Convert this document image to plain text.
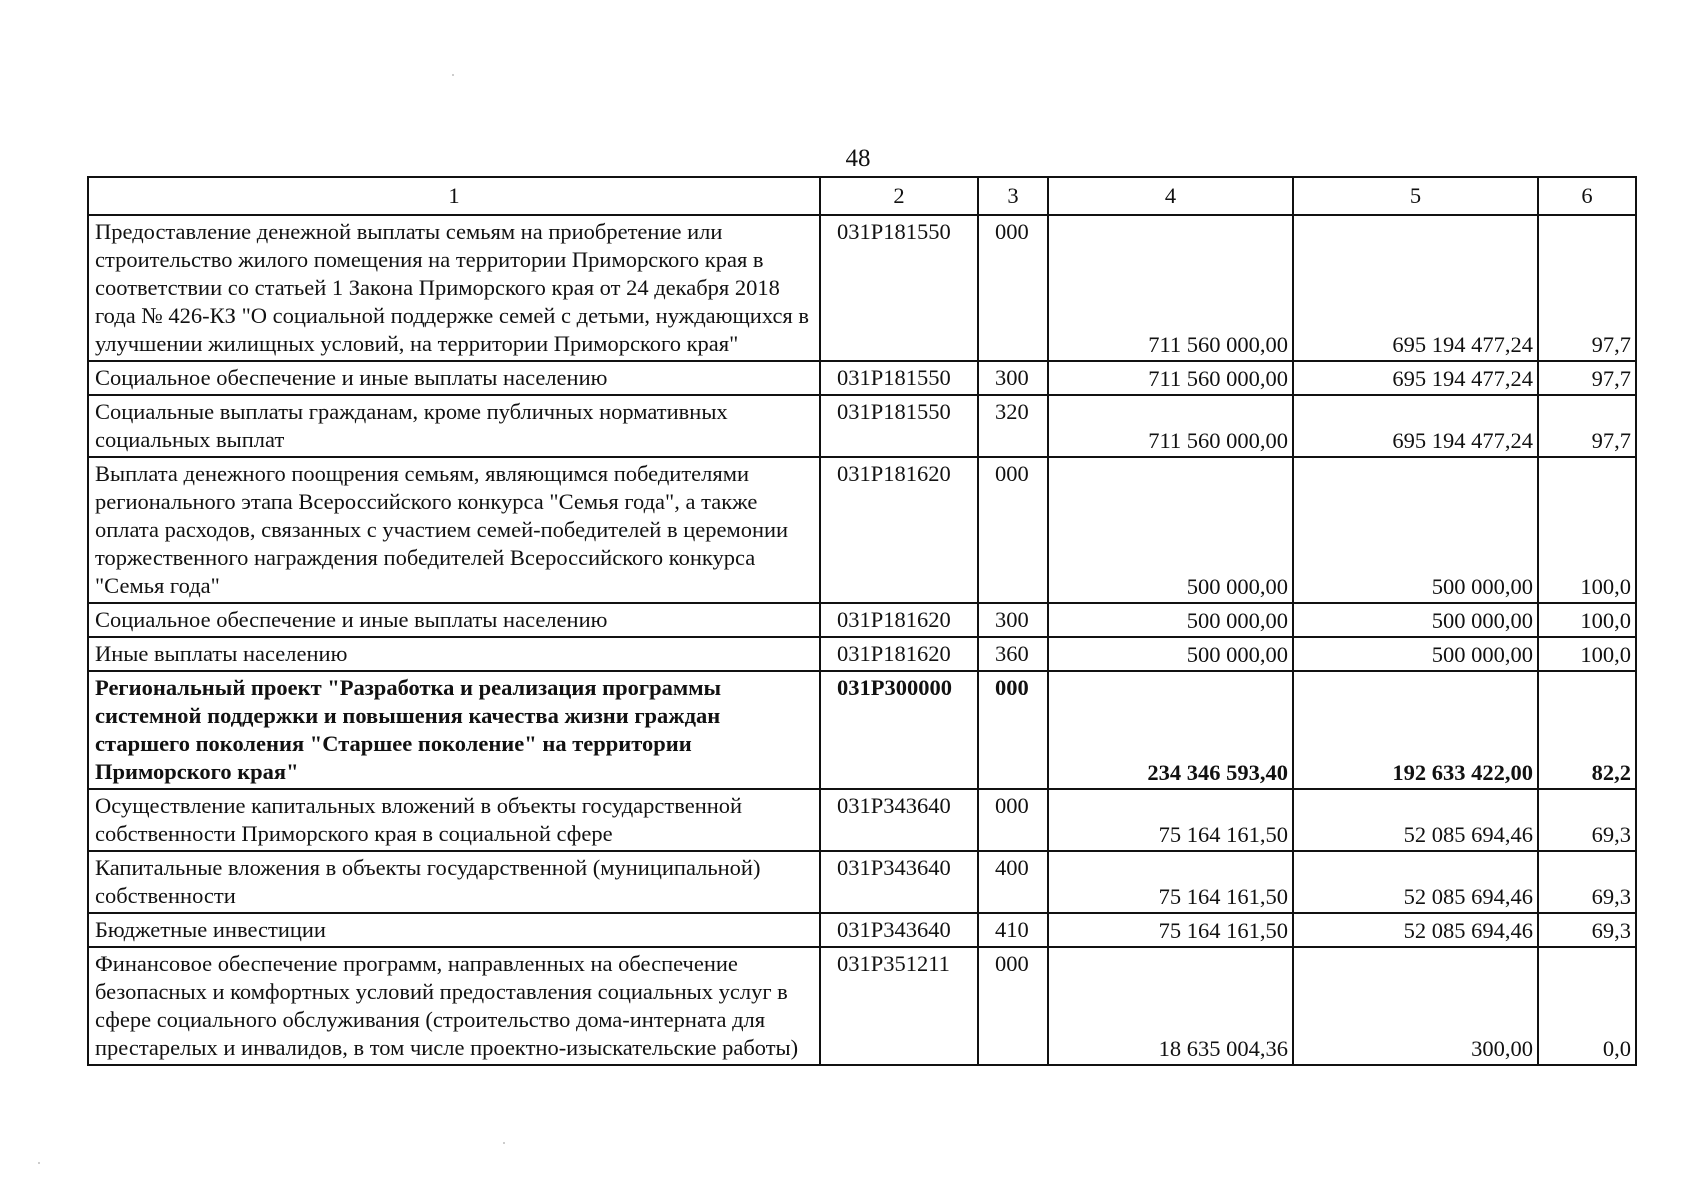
48
1	2	3	4	5	6
Предоставление денежной выплаты семьям на приобретение или строительство жилого помещения на территории Приморского края в соответствии со статьей 1 Закона Приморского края от 24 декабря 2018 года № 426-КЗ "О социальной поддержке семей с детьми, нуждающихся в улучшении жилищных условий, на территории Приморского края"	031P181550	000	711 560 000,00	695 194 477,24	97,7
Социальное обеспечение и иные выплаты населению	031P181550	300	711 560 000,00	695 194 477,24	97,7
Социальные выплаты гражданам, кроме публичных нормативных социальных выплат	031P181550	320	711 560 000,00	695 194 477,24	97,7
Выплата денежного поощрения семьям, являющимся победителями регионального этапа Всероссийского конкурса "Семья года", а также оплата расходов, связанных с участием семей-победителей в церемонии торжественного награждения победителей Всероссийского конкурса "Семья года"	031P181620	000	500 000,00	500 000,00	100,0
Социальное обеспечение и иные выплаты населению	031P181620	300	500 000,00	500 000,00	100,0
Иные выплаты населению	031P181620	360	500 000,00	500 000,00	100,0
Региональный проект "Разработка и реализация программы системной поддержки и повышения качества жизни граждан старшего поколения "Старшее поколение" на территории Приморского края"	031P300000	000	234 346 593,40	192 633 422,00	82,2
Осуществление капитальных вложений в объекты государственной собственности Приморского края в социальной сфере	031P343640	000	75 164 161,50	52 085 694,46	69,3
Капитальные вложения в объекты государственной (муниципальной) собственности	031P343640	400	75 164 161,50	52 085 694,46	69,3
Бюджетные инвестиции	031P343640	410	75 164 161,50	52 085 694,46	69,3
Финансовое обеспечение программ, направленных на обеспечение безопасных и комфортных условий предоставления социальных услуг в сфере социального обслуживания (строительство дома-интерната для престарелых и инвалидов, в том числе проектно-изыскательские работы)	031P351211	000	18 635 004,36	300,00	0,0
